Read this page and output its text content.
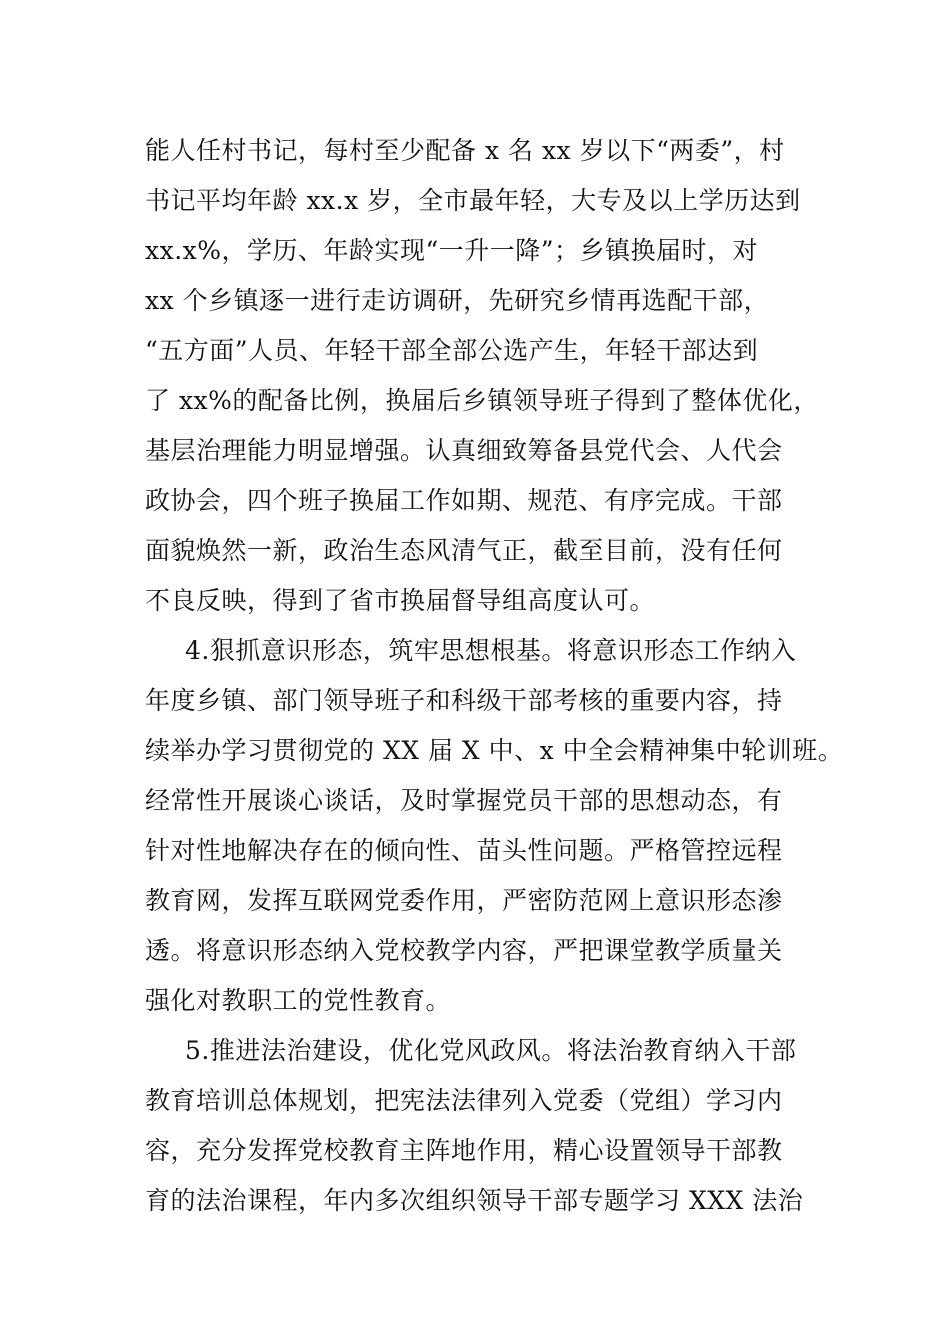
能人任村书记，每村至少配备 x 名 xx 岁以下“两委”，村
书记平均年龄 xx.x 岁，全市最年轻，大专及以上学历达到
xx.x%，学历、年龄实现“一升一降”；乡镇换届时，对
xx 个乡镇逐一进行走访调研，先研究乡情再选配干部，
“五方面”人员、年轻干部全部公选产生，年轻干部达到
了 xx%的配备比例，换届后乡镇领导班子得到了整体优化，
基层治理能力明显增强。认真细致筹备县党代会、人代会
政协会，四个班子换届工作如期、规范、有序完成。干部
面貌焕然一新，政治生态风清气正，截至目前，没有任何
不良反映，得到了省市换届督导组高度认可。
4.狠抓意识形态，筑牢思想根基。将意识形态工作纳入
年度乡镇、部门领导班子和科级干部考核的重要内容，持
续举办学习贯彻党的 XX 届 X 中、x 中全会精神集中轮训班。
经常性开展谈心谈话，及时掌握党员干部的思想动态，有
针对性地解决存在的倾向性、苗头性问题。严格管控远程
教育网，发挥互联网党委作用，严密防范网上意识形态渗
透。将意识形态纳入党校教学内容，严把课堂教学质量关
强化对教职工的党性教育。
5.推进法治建设，优化党风政风。将法治教育纳入干部
教育培训总体规划，把宪法法律列入党委（党组）学习内
容，充分发挥党校教育主阵地作用，精心设置领导干部教
育的法治课程，年内多次组织领导干部专题学习 XXX 法治
